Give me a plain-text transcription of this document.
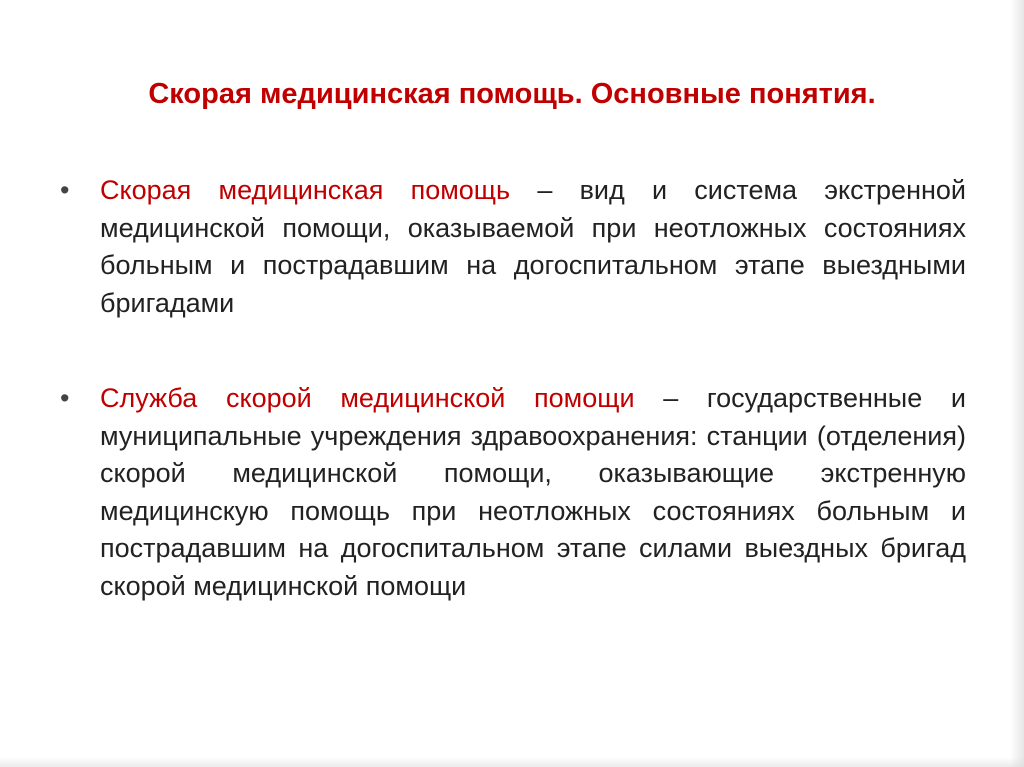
Скорая медицинская помощь. Основные понятия.
•	Скорая медицинская помощь – вид и система экстренной медицинской помощи, оказываемой при неотложных состояниях больным и пострадавшим на догоспитальном этапе выездными бригадами
•	Служба скорой медицинской помощи – государственные и муниципальные учреждения здравоохранения: станции (отделения) скорой медицинской помощи, оказывающие экстренную медицинскую помощь при неотложных состояниях больным и пострадавшим на догоспитальном этапе силами выездных бригад скорой медицинской помощи
